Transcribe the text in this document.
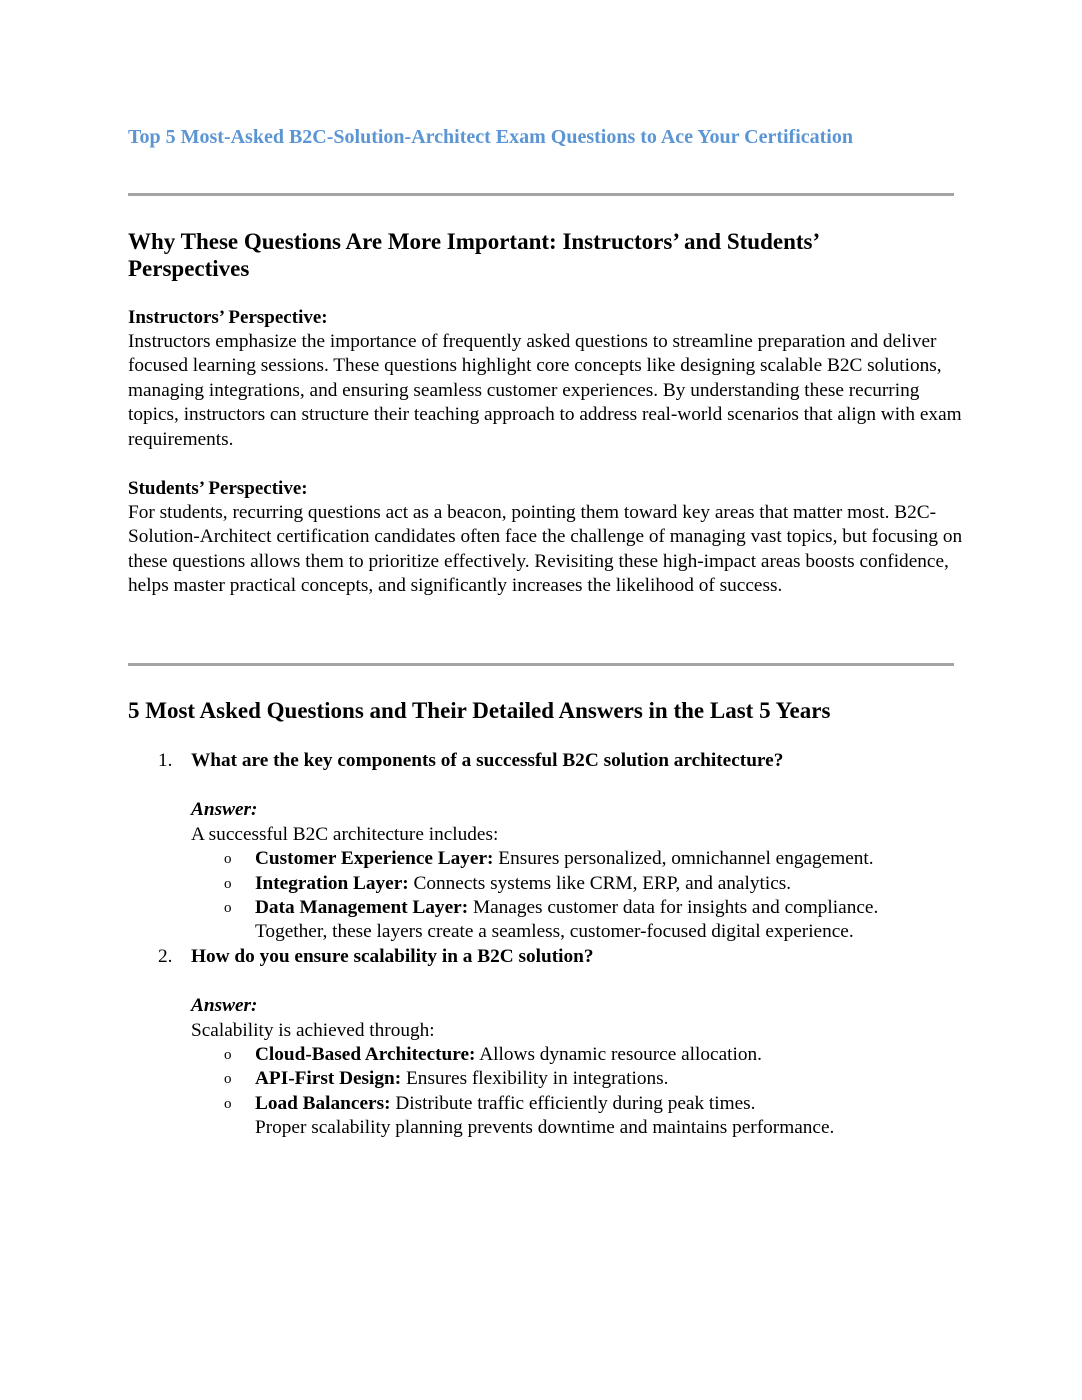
Top 5 Most-Asked B2C-Solution-Architect Exam Questions to Ace Your Certification
Why These Questions Are More Important: Instructors’ and Students’ Perspectives
Instructors’ Perspective:

Instructors emphasize the importance of frequently asked questions to streamline preparation and deliver focused learning sessions. These questions highlight core concepts like designing scalable B2C solutions, managing integrations, and ensuring seamless customer experiences. By understanding these recurring topics, instructors can structure their teaching approach to address real-world scenarios that align with exam requirements.

Students’ Perspective:

For students, recurring questions act as a beacon, pointing them toward key areas that matter most. B2C-Solution-Architect certification candidates often face the challenge of managing vast topics, but focusing on these questions allows them to prioritize effectively. Revisiting these high-impact areas boosts confidence, helps master practical concepts, and significantly increases the likelihood of success.

5 Most Asked Questions and Their Detailed Answers in the Last 5 Years
1. What are the key components of a successful B2C solution architecture?
Answer:
A successful B2C architecture includes:
o Customer Experience Layer: Ensures personalized, omnichannel engagement.
o Integration Layer: Connects systems like CRM, ERP, and analytics.
o Data Management Layer: Manages customer data for insights and compliance.
Together, these layers create a seamless, customer-focused digital experience.
2. How do you ensure scalability in a B2C solution?
Answer:
Scalability is achieved through:
o Cloud-Based Architecture: Allows dynamic resource allocation.
o API-First Design: Ensures flexibility in integrations.
o Load Balancers: Distribute traffic efficiently during peak times.
Proper scalability planning prevents downtime and maintains performance.
